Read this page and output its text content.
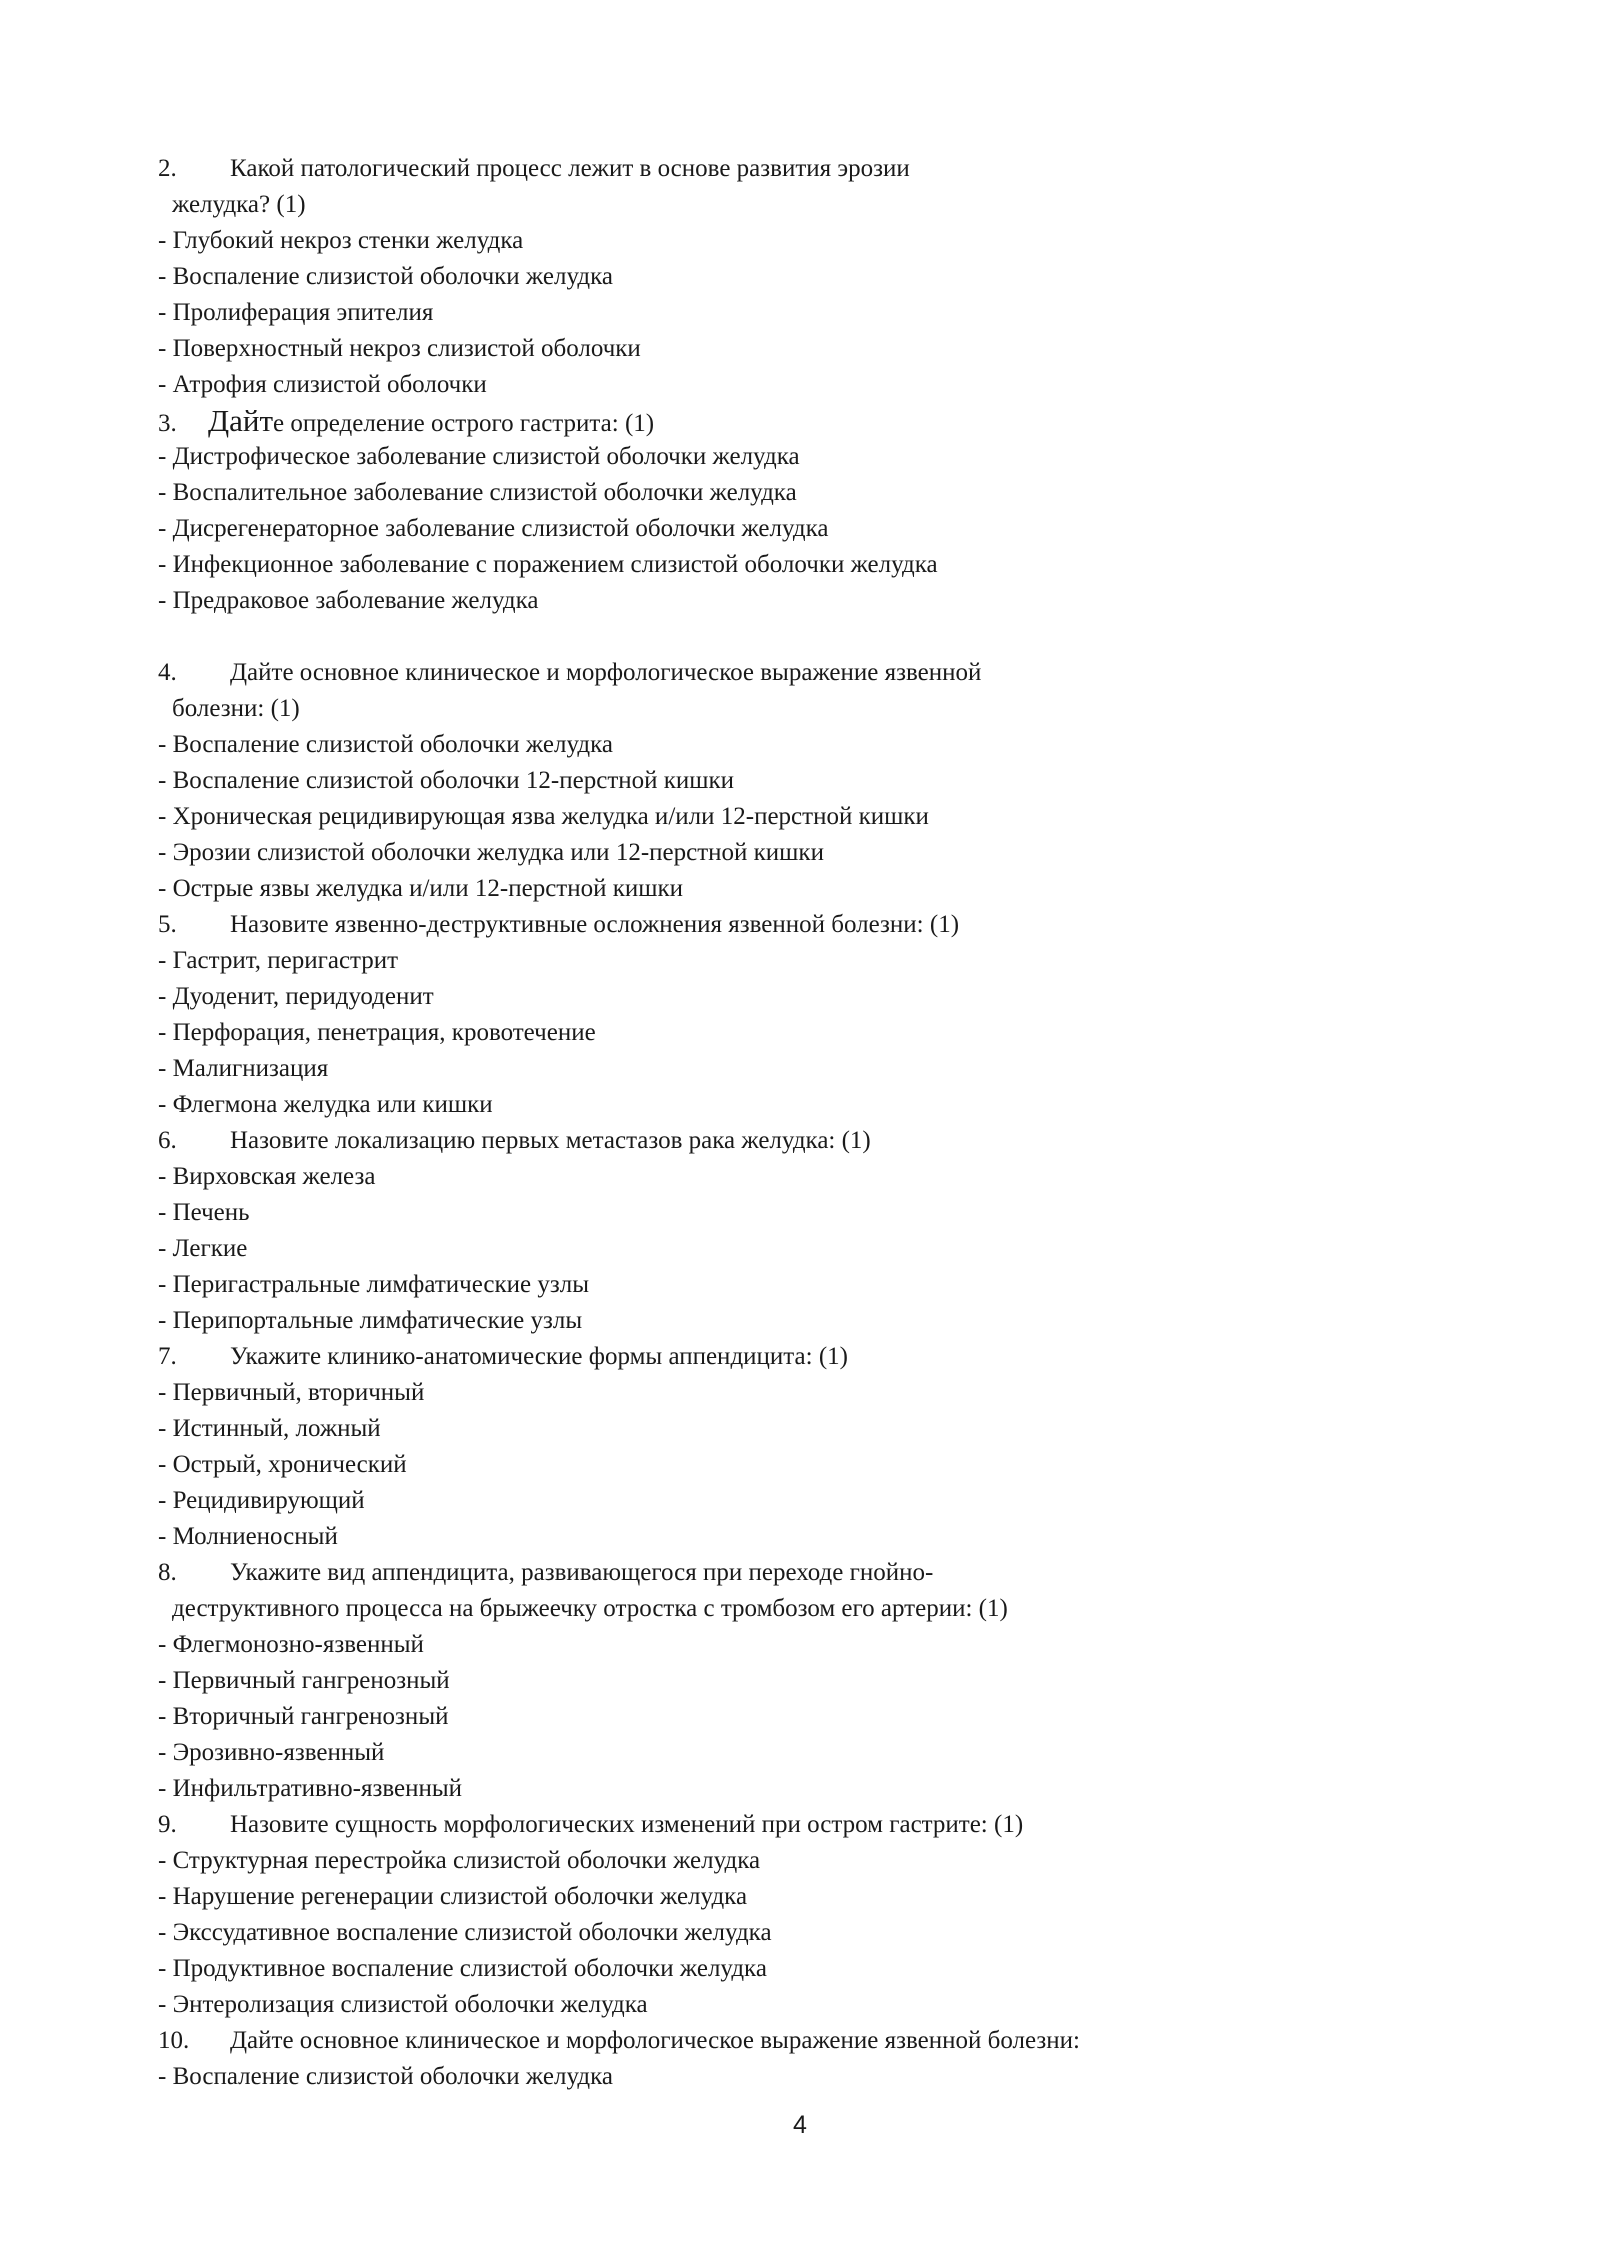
2. Какой патологический процесс лежит в основе развития эрозии
желудка? (1)
- Глубокий некроз стенки желудка
- Воспаление слизистой оболочки желудка
- Пролиферация эпителия
- Поверхностный некроз слизистой оболочки
- Атрофия слизистой оболочки
3. Дайте определение острого гастрита: (1)
- Дистрофическое заболевание слизистой оболочки желудка
- Воспалительное заболевание слизистой оболочки желудка
- Дисрегенераторное заболевание слизистой оболочки желудка
- Инфекционное заболевание с поражением слизистой оболочки желудка
- Предраковое заболевание желудка
4. Дайте основное клиническое и морфологическое выражение язвенной
болезни: (1)
- Воспаление слизистой оболочки желудка
- Воспаление слизистой оболочки 12-перстной кишки
- Хроническая рецидивирующая язва желудка и/или 12-перстной кишки
- Эрозии слизистой оболочки желудка или 12-перстной кишки
- Острые язвы желудка и/или 12-перстной кишки
5. Назовите язвенно-деструктивные осложнения язвенной болезни: (1)
- Гастрит, перигастрит
- Дуоденит, перидуоденит
- Перфорация, пенетрация, кровотечение
- Малигнизация
- Флегмона желудка или кишки
6. Назовите локализацию первых метастазов рака желудка: (1)
- Вирховская железа
- Печень
- Легкие
- Перигастральные лимфатические узлы
- Перипортальные лимфатические узлы
7. Укажите клинико-анатомические формы аппендицита: (1)
- Первичный, вторичный
- Истинный, ложный
- Острый, хронический
- Рецидивирующий
- Молниеносный
8. Укажите вид аппендицита, развивающегося при переходе гнойно-
деструктивного процесса на брыжеечку отростка с тромбозом его артерии: (1)
- Флегмонозно-язвенный
- Первичный гангренозный
- Вторичный гангренозный
- Эрозивно-язвенный
- Инфильтративно-язвенный
9. Назовите сущность морфологических изменений при остром гастрите: (1)
- Структурная перестройка слизистой оболочки желудка
- Нарушение регенерации слизистой оболочки желудка
- Экссудативное воспаление слизистой оболочки желудка
- Продуктивное воспаление слизистой оболочки желудка
- Энтеролизация слизистой оболочки желудка
10. Дайте основное клиническое и морфологическое выражение язвенной болезни:
- Воспаление слизистой оболочки желудка
4
